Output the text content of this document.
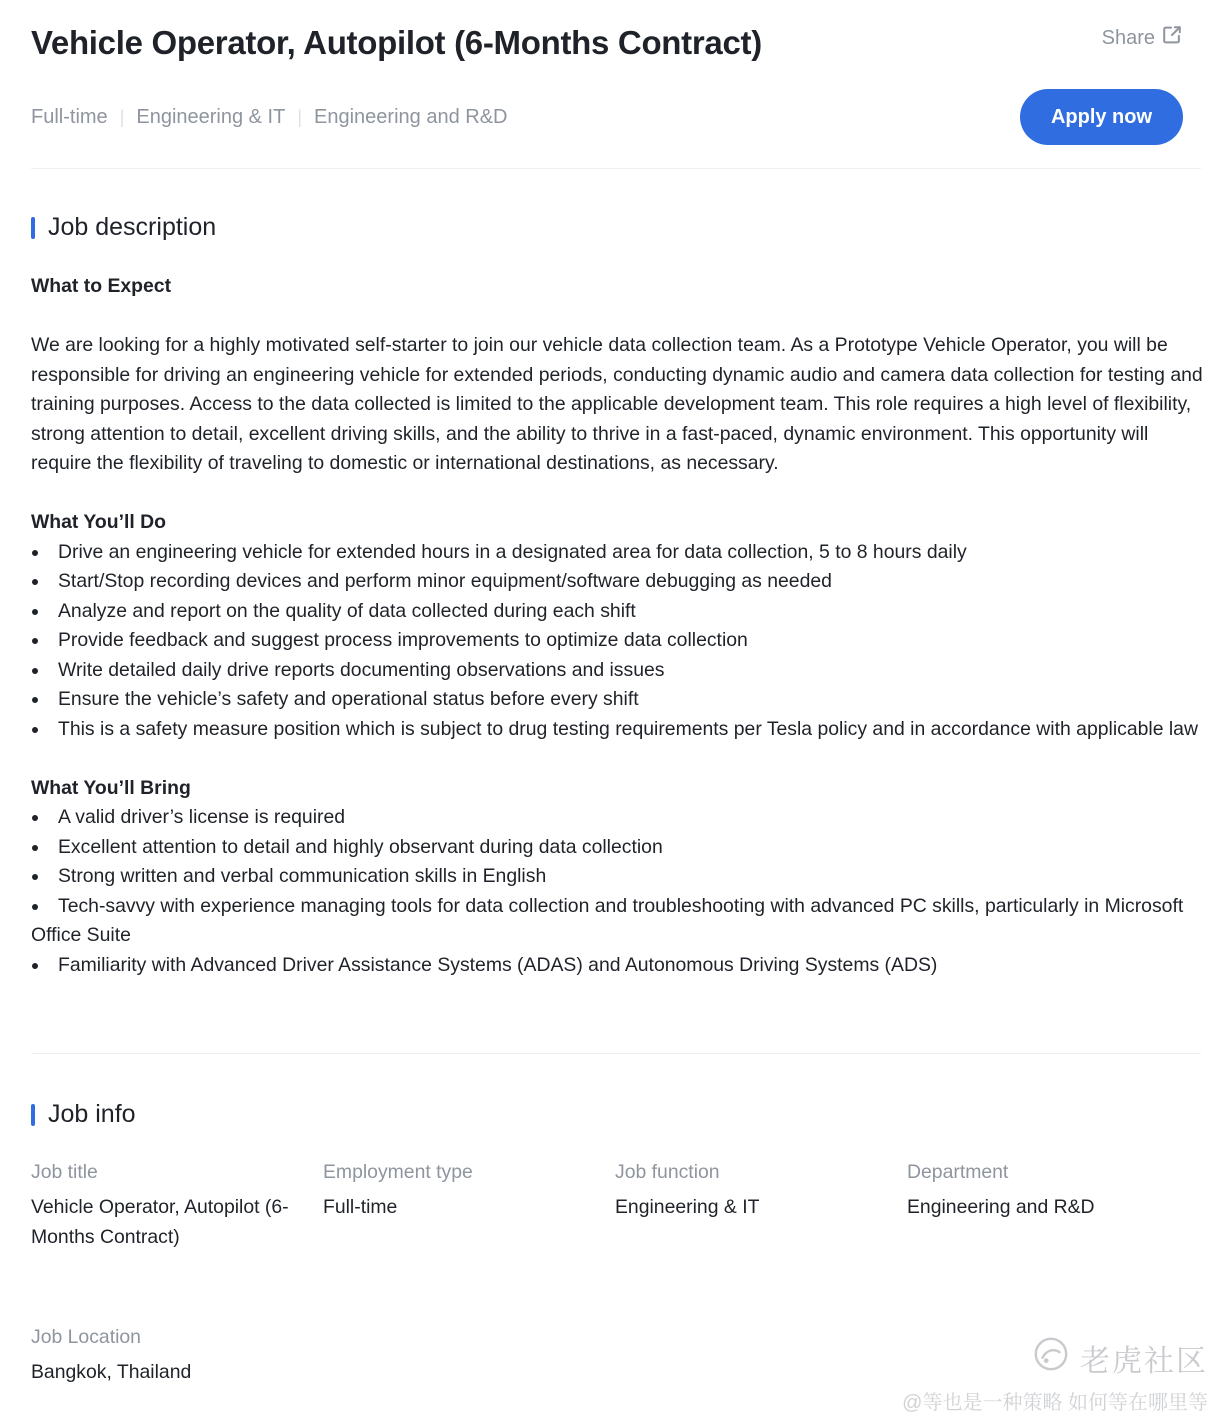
Vehicle Operator, Autopilot (6-Months Contract)	Share
Full-time | Engineering & IT | Engineering and R&D	Apply now
Job description
What to Expect

We are looking for a highly motivated self-starter to join our vehicle data collection team. As a Prototype Vehicle Operator, you will be responsible for driving an engineering vehicle for extended periods, conducting dynamic audio and camera data collection for testing and training purposes. Access to the data collected is limited to the applicable development team. This role requires a high level of flexibility, strong attention to detail, excellent driving skills, and the ability to thrive in a fast-paced, dynamic environment. This opportunity will require the flexibility of traveling to domestic or international destinations, as necessary.

What You’ll Do
Drive an engineering vehicle for extended hours in a designated area for data collection, 5 to 8 hours daily
Start/Stop recording devices and perform minor equipment/software debugging as needed
Analyze and report on the quality of data collected during each shift
Provide feedback and suggest process improvements to optimize data collection
Write detailed daily drive reports documenting observations and issues
Ensure the vehicle’s safety and operational status before every shift
This is a safety measure position which is subject to drug testing requirements per Tesla policy and in accordance with applicable law
What You’ll Bring
A valid driver’s license is required
Excellent attention to detail and highly observant during data collection
Strong written and verbal communication skills in English
Tech-savvy with experience managing tools for data collection and troubleshooting with advanced PC skills, particularly in Microsoft Office Suite
Familiarity with Advanced Driver Assistance Systems (ADAS) and Autonomous Driving Systems (ADS)
Job info
Job title
Vehicle Operator, Autopilot (6-Months Contract)
Employment type
Full-time
Job function
Engineering & IT
Department
Engineering and R&D
Job Location
Bangkok, Thailand	老虎社区
@等也是一种策略 如何等在哪里等
